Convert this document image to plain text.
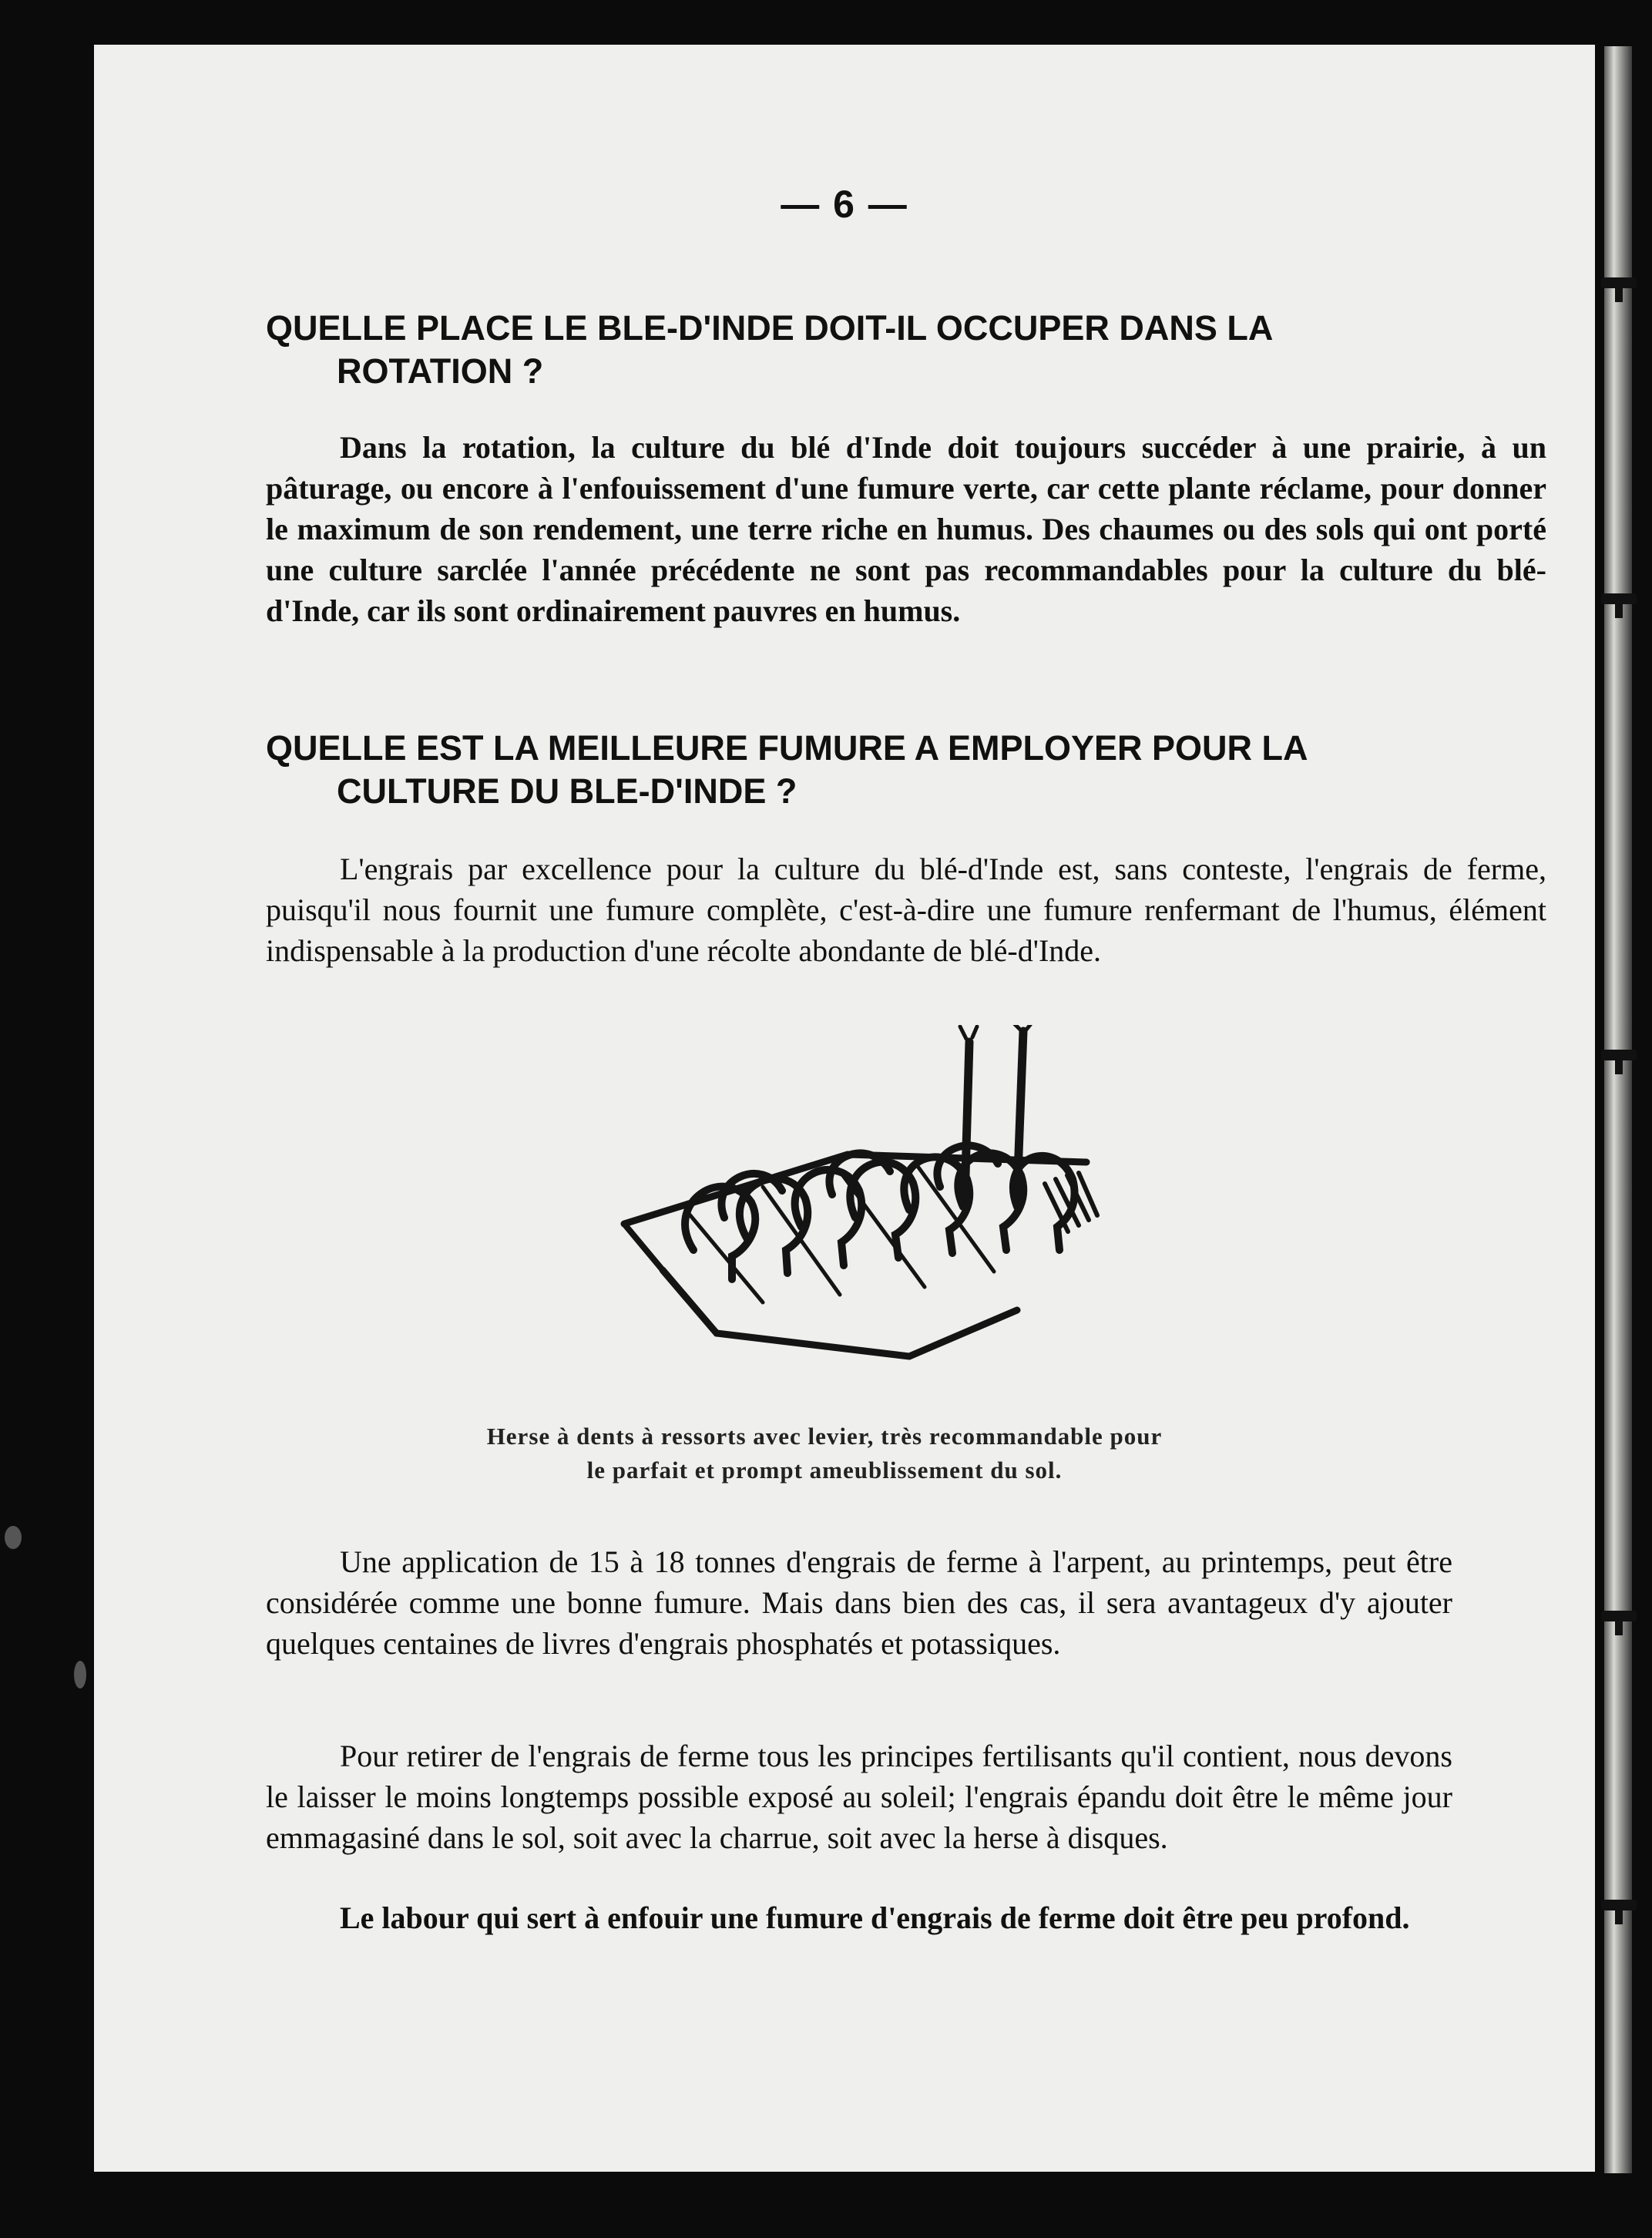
— 6 —
QUELLE PLACE LE BLE-D'INDE DOIT-IL OCCUPER DANS LA
ROTATION ?

Dans la rotation, la culture du blé d'Inde doit toujours succéder à une prairie, à un pâturage, ou encore à l'enfouissement d'une fumure verte, car cette plante réclame, pour donner le maximum de son rendement, une terre riche en humus. Des chaumes ou des sols qui ont porté une culture sarclée l'année précédente ne sont pas recommandables pour la culture du blé-d'Inde, car ils sont ordinairement pauvres en humus.

QUELLE EST LA MEILLEURE FUMURE A EMPLOYER POUR LA
CULTURE DU BLE-D'INDE ?

L'engrais par excellence pour la culture du blé-d'Inde est, sans conteste, l'engrais de ferme, puisqu'il nous fournit une fumure complète, c'est-à-dire une fumure renfermant de l'humus, élément indispensable à la production d'une récolte abondante de blé-d'Inde.

Herse à dents à ressorts avec levier, très recommandable pour
le parfait et prompt ameublissement du sol.

Une application de 15 à 18 tonnes d'engrais de ferme à l'arpent, au printemps, peut être considérée comme une bonne fumure. Mais dans bien des cas, il sera avantageux d'y ajouter quelques centaines de livres d'engrais phosphatés et potassiques.

Pour retirer de l'engrais de ferme tous les principes fertilisants qu'il contient, nous devons le laisser le moins longtemps possible exposé au soleil; l'engrais épandu doit être le même jour emmagasiné dans le sol, soit avec la charrue, soit avec la herse à disques.

Le labour qui sert à enfouir une fumure d'engrais de ferme doit être peu profond.
